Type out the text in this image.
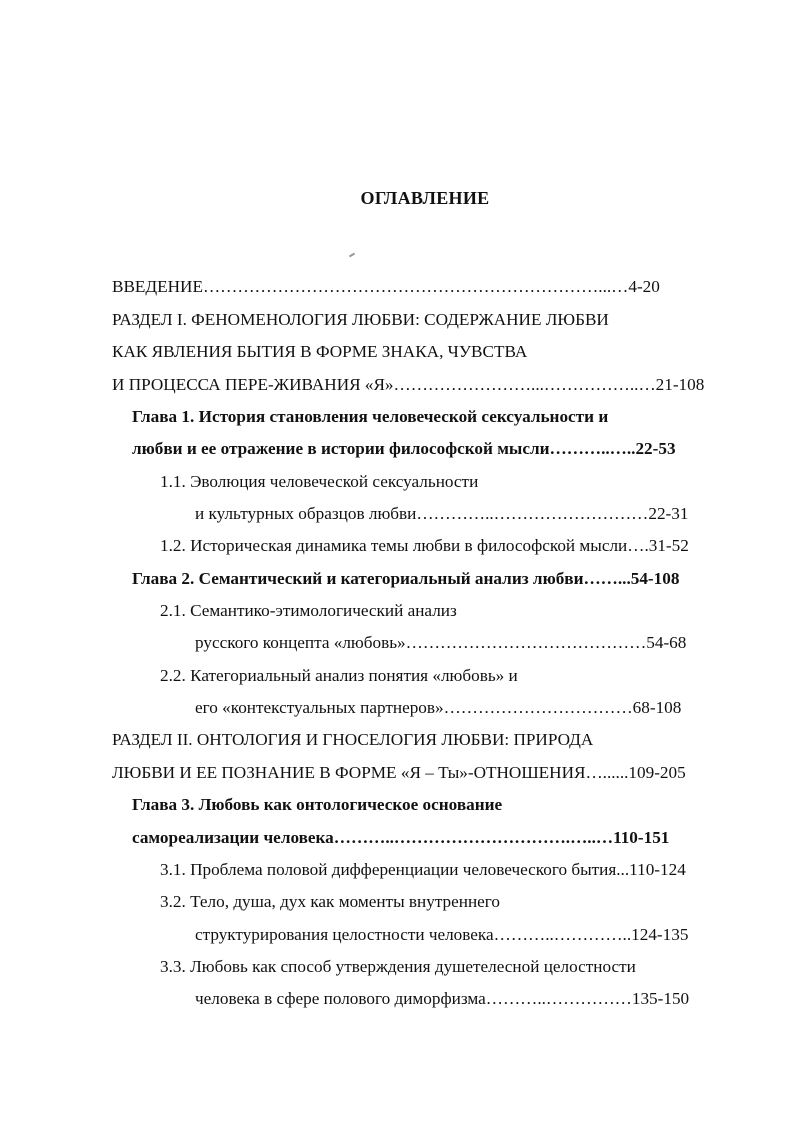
ОГЛАВЛЕНИЕ
ВВЕДЕНИЕ……………………………………………………………...…4-20
РАЗДЕЛ I. ФЕНОМЕНОЛОГИЯ ЛЮБВИ: СОДЕРЖАНИЕ ЛЮБВИ
КАК ЯВЛЕНИЯ БЫТИЯ В ФОРМЕ ЗНАКА, ЧУВСТВА
И ПРОЦЕССА ПЕРЕ-ЖИВАНИЯ «Я»……………………...……………..…21-108
Глава 1. История становления человеческой сексуальности и
любви и ее отражение в истории философской мысли………..…..22-53
1.1. Эволюция человеческой сексуальности
и культурных образцов любви…………..………………………22-31
1.2. Историческая динамика темы любви в философской мысли….31-52
Глава 2. Семантический и категориальный анализ любви……...54-108
2.1. Семантико-этимологический анализ
русского концепта «любовь»……………………………………54-68
2.2. Категориальный анализ понятия «любовь» и
его «контекстуальных партнеров»……………………………68-108
РАЗДЕЛ II. ОНТОЛОГИЯ И ГНОСЕЛОГИЯ ЛЮБВИ: ПРИРОДА
ЛЮБВИ И ЕЕ ПОЗНАНИЕ В ФОРМЕ «Я – Ты»-ОТНОШЕНИЯ…......109-205
Глава 3. Любовь как онтологическое основание
самореализации человека………..………………………….…..…110-151
3.1. Проблема половой дифференциации человеческого бытия...110-124
3.2. Тело, душа, дух как моменты внутреннего
структурирования целостности человека………..…………..124-135
3.3. Любовь как способ утверждения душетелесной целостности
человека в сфере полового диморфизма………..……………135-150
